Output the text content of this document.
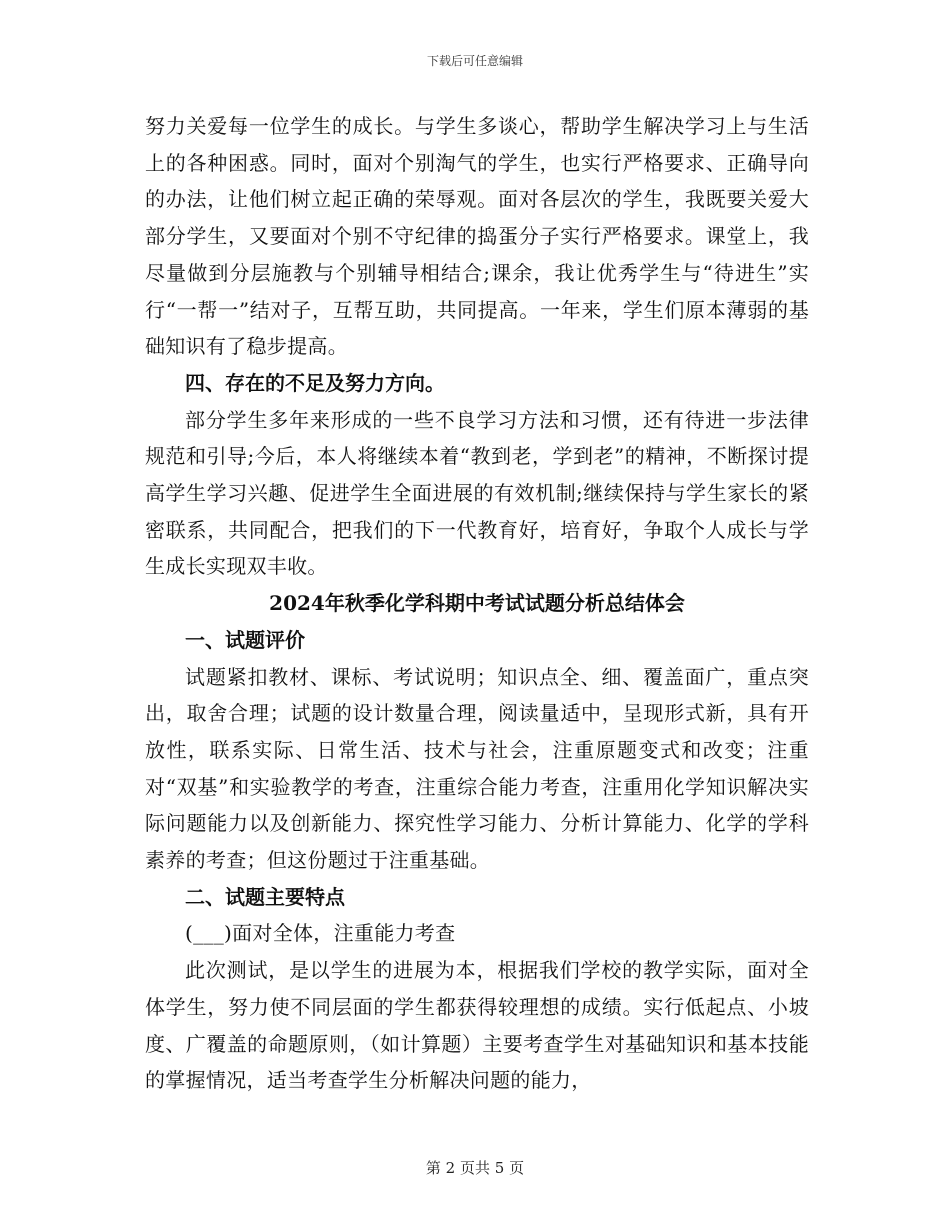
下载后可任意编辑

努力关爱每一位学生的成长。与学生多谈心，帮助学生解决学习上与生活上的各种困惑。同时，面对个别淘气的学生，也实行严格要求、正确导向的办法，让他们树立起正确的荣辱观。面对各层次的学生，我既要关爱大部分学生，又要面对个别不守纪律的捣蛋分子实行严格要求。课堂上，我尽量做到分层施教与个别辅导相结合;课余，我让优秀学生与“待进生”实行“一帮一”结对子，互帮互助，共同提高。一年来，学生们原本薄弱的基础知识有了稳步提高。

四、存在的不足及努力方向。

部分学生多年来形成的一些不良学习方法和习惯，还有待进一步法律规范和引导;今后，本人将继续本着“教到老，学到老”的精神，不断探讨提高学生学习兴趣、促进学生全面进展的有效机制;继续保持与学生家长的紧密联系，共同配合，把我们的下一代教育好，培育好，争取个人成长与学生成长实现双丰收。

2024年秋季化学科期中考试试题分析总结体会

一、试题评价

试题紧扣教材、课标、考试说明；知识点全、细、覆盖面广，重点突出，取舍合理；试题的设计数量合理，阅读量适中，呈现形式新，具有开放性，联系实际、日常生活、技术与社会，注重原题变式和改变；注重对“双基”和实验教学的考查，注重综合能力考查，注重用化学知识解决实际问题能力以及创新能力、探究性学习能力、分析计算能力、化学的学科素养的考查；但这份题过于注重基础。

二、试题主要特点

(___)面对全体，注重能力考查

此次测试，是以学生的进展为本，根据我们学校的教学实际，面对全体学生，努力使不同层面的学生都获得较理想的成绩。实行低起点、小坡度、广覆盖的命题原则，（如计算题）主要考查学生对基础知识和基本技能的掌握情况，适当考查学生分析解决问题的能力，

第 2 页共 5 页
